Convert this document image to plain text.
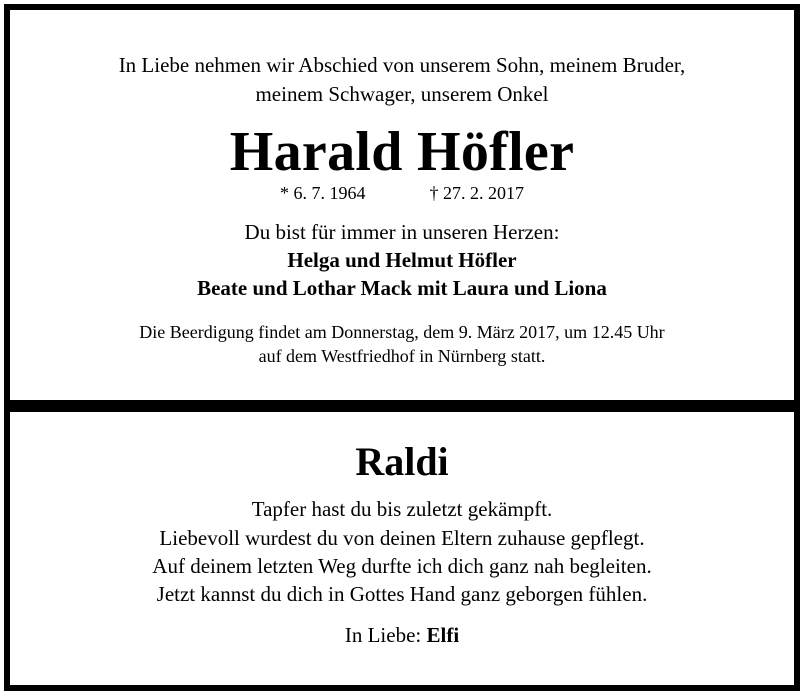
In Liebe nehmen wir Abschied von unserem Sohn, meinem Bruder,
meinem Schwager, unserem Onkel
Harald Höfler
* 6. 7. 1964	† 27. 2. 2017
Du bist für immer in unseren Herzen:
Helga und Helmut Höfler
Beate und Lothar Mack mit Laura und Liona
Die Beerdigung findet am Donnerstag, dem 9. März 2017, um 12.45 Uhr
auf dem Westfriedhof in Nürnberg statt.
Raldi
Tapfer hast du bis zuletzt gekämpft.
Liebevoll wurdest du von deinen Eltern zuhause gepflegt.
Auf deinem letzten Weg durfte ich dich ganz nah begleiten.
Jetzt kannst du dich in Gottes Hand ganz geborgen fühlen.
In Liebe: Elfi
